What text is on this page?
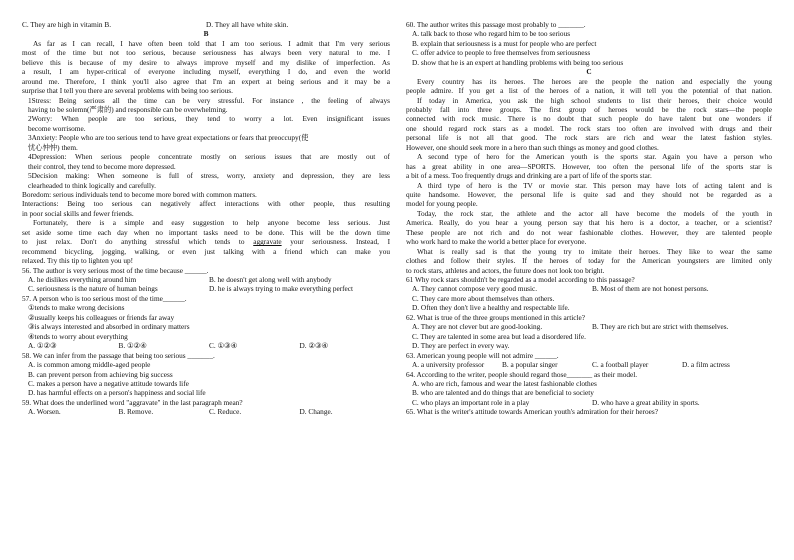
C. They are high in vitamin B.	D. They all have white skin.
B
As far as I can recall, I have often been told that I am too serious. I admit that I'm very serious
most of the time but not too serious, because seriousness has always been very natural to me. I
believe this is because of my desire to always improve myself and my dislike of imperfection. As
a result, I am hyper-critical of everyone including myself, everything I do, and even the world
around me. Therefore, I think you'll also agree that I'm an expert at being serious and it may be a
surprise that I tell you there are several problems with being too serious.
1Stress: Being serious all the time can be very stressful. For instance , the feeling of always
having to be solemn(严肃的) and responsible can be overwhelming.
2Worry: When people are too serious, they tend to worry a lot. Even insignificant issues
become worrisome.
3Anxiety: People who are too serious tend to have great expectations or fears that preoccupy(使
忧心忡忡) them.
4Depression: When serious people concentrate mostly on serious issues that are mostly out of
their control, they tend to become more depressed.
5Decision making: When someone is full of stress, worry, anxiety and depression, they are less
clearheaded to think logically and carefully.
Boredom: serious individuals tend to become more bored with common matters.
Interactions: Being too serious can negatively affect interactions with other people, thus resulting
in poor social skills and fewer friends.
Fortunately, there is a simple and easy suggestion to help anyone become less serious. Just
set aside some time each day when no important tasks need to be done. This will be the down time
to just relax. Don't do anything stressful which tends to aggravate your seriousness. Instead, I
recommend bicycling, jogging, walking, or even just talking with a friend which can make you
relaxed. Try this tip to lighten you up!
56. The author is very serious most of the time because ______.
A. he dislikes everything around him	B. he doesn't get along well with anybody
C. seriousness is the nature of human beings	D. he is always trying to make everything perfect
57. A person who is too serious most of the time______.
①tends to make wrong decisions
②usually keeps his colleagues or friends far away
③is always interested and absorbed in ordinary matters
④tends to worry about everything
A. ①②③	B. ①②④	C. ①③④	D. ②③④
58. We can infer from the passage that being too serious _______.
A. is common among middle-aged people
B. can prevent person from achieving big success
C. makes a person have a negative attitude towards life
D. has harmful effects on a person's happiness and social life
59. What does the underlined word "aggravate" in the last paragraph mean?
A. Worsen.	B. Remove.	C. Reduce.	D. Change.
60. The author writes this passage most probably to _______.
A. talk back to those who regard him to be too serious
B. explain that seriousness is a must for people who are perfect
C. offer advice to people to free themselves from seriousness
D. show that he is an expert at handling problems with being too serious
C
Every country has its heroes. The heroes are the people the nation and especially the young
people admire. If you get a list of the heroes of a nation, it will tell you the potential of that nation.
If today in America, you ask the high school students to list their heroes, their choice would
probably fall into three groups. The first group of heroes would be the rock stars—the people
connected with rock music. There is no doubt that such people do have talent but one wonders if
one should regard rock stars as a model. The rock stars too often are involved with drugs and their
personal life is not all that good. The rock stars are rich and wear the latest fashion styles.
However, one should seek more in a hero than such things as money and good clothes.
A second type of hero for the American youth is the sports star. Again you have a person who
has a great ability in one area—SPORTS. However, too often the personal life of the sports star is
a bit of a mess. Too frequently drugs and drinking are a part of life of the sports star.
A third type of hero is the TV or movie star. This person may have lots of acting talent and is
quite handsome. However, the personal life is quite sad and they should not be regarded as a
model for young people.
Today, the rock star, the athlete and the actor all have become the models of the youth in
America. Really, do you hear a young person say that his hero is a doctor, a teacher, or a scientist?
These people are not rich and do not wear fashionable clothes. However, they are talented people
who work hard to make the world a better place for everyone.
What is really sad is that the young try to imitate their heroes. They like to wear the same
clothes and follow their styles. If the heroes of today for the American youngsters are limited only
to rock stars, athletes and actors, the future does not look too bright.
61 Why rock stars shouldn't be regarded as a model according to this passage?
A. They cannot compose very good music.	B. Most of them are not honest persons.
C. They care more about themselves than others.
D. Often they don't live a healthy and respectable life.
62. What is true of the three groups mentioned in this article?
A. They are not clever but are good-looking.	B. They are rich but are strict with themselves.
C. They are talented in some area but lead a disordered life.
D. They are perfect in every way.
63. American young people will not admire ______.
A. a university professor	B. a popular singer	C. a football player	D. a film actress
64. According to the writer, people should regard those_______ as their model.
A. who are rich, famous and wear the latest fashionable clothes
B. who are talented and do things that are beneficial to society
C. who plays an important role in a play	D. who have a great ability in sports.
65. What is the writer's attitude towards American youth's admiration for their heroes?
